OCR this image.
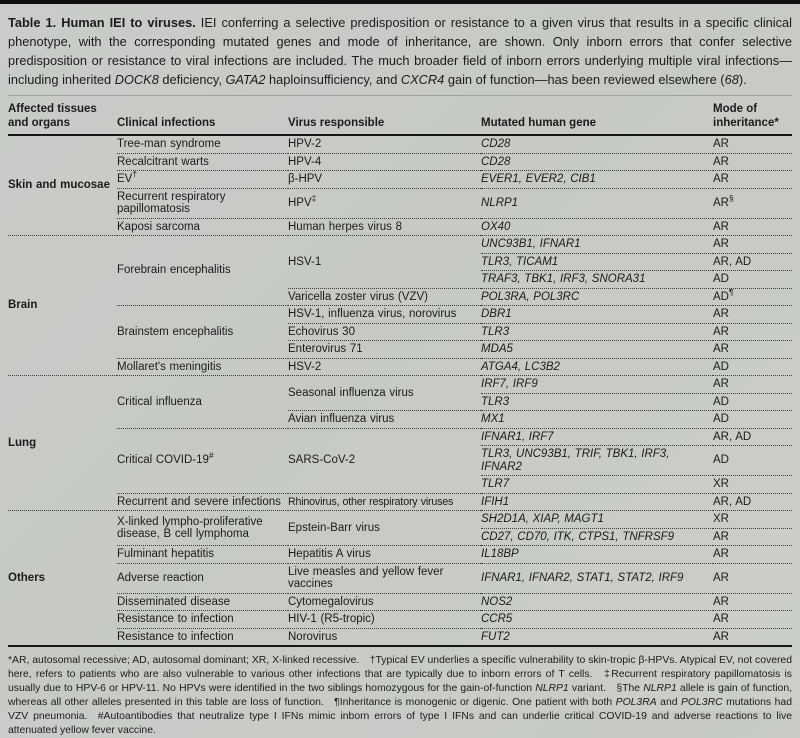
Table 1. Human IEI to viruses. IEI conferring a selective predisposition or resistance to a given virus that results in a specific clinical phenotype, with the corresponding mutated genes and mode of inheritance, are shown. Only inborn errors that confer selective predisposition or resistance to viral infections are included. The much broader field of inborn errors underlying multiple viral infections—including inherited DOCK8 deficiency, GATA2 haploinsufficiency, and CXCR4 gain of function—has been reviewed elsewhere (68).

Affected tissues and organs	Clinical infections	Virus responsible	Mutated human gene	Mode of inheritance*
Skin and mucosae	Tree-man syndrome	HPV-2	CD28	AR
	Recalcitrant warts	HPV-4	CD28	AR
	EV†	β-HPV	EVER1, EVER2, CIB1	AR
	Recurrent respiratory papillomatosis	HPV‡	NLRP1	AR§
	Kaposi sarcoma	Human herpes virus 8	OX40	AR
Brain	Forebrain encephalitis	HSV-1	UNC93B1, IFNAR1	AR
			TLR3, TICAM1	AR, AD
			TRAF3, TBK1, IRF3, SNORA31	AD
		Varicella zoster virus (VZV)	POL3RA, POL3RC	AD¶
	Brainstem encephalitis	HSV-1, influenza virus, norovirus	DBR1	AR
		Echovirus 30	TLR3	AR
		Enterovirus 71	MDA5	AR
	Mollaret's meningitis	HSV-2	ATGA4, LC3B2	AD
Lung	Critical influenza	Seasonal influenza virus	IRF7, IRF9	AR
			TLR3	AD
		Avian influenza virus	MX1	AD
	Critical COVID-19#	SARS-CoV-2	IFNAR1, IRF7	AR, AD
			TLR3, UNC93B1, TRIF, TBK1, IRF3, IFNAR2	AD
			TLR7	XR
	Recurrent and severe infections	Rhinovirus, other respiratory viruses	IFIH1	AR, AD
Others	X-linked lympho-proliferative disease, B cell lymphoma	Epstein-Barr virus	SH2D1A, XIAP, MAGT1	XR
			CD27, CD70, ITK, CTPS1, TNFRSF9	AR
	Fulminant hepatitis	Hepatitis A virus	IL18BP	AR
	Adverse reaction	Live measles and yellow fever vaccines	IFNAR1, IFNAR2, STAT1, STAT2, IRF9	AR
	Disseminated disease	Cytomegalovirus	NOS2	AR
	Resistance to infection	HIV-1 (R5-tropic)	CCR5	AR
	Resistance to infection	Norovirus	FUT2	AR

*AR, autosomal recessive; AD, autosomal dominant; XR, X-linked recessive. †Typical EV underlies a specific vulnerability to skin-tropic β-HPVs. Atypical EV, not covered here, refers to patients who are also vulnerable to various other infections that are typically due to inborn errors of T cells. ‡Recurrent respiratory papillomatosis is usually due to HPV-6 or HPV-11. No HPVs were identified in the two siblings homozygous for the gain-of-function NLRP1 variant. §The NLRP1 allele is gain of function, whereas all other alleles presented in this table are loss of function. ¶Inheritance is monogenic or digenic. One patient with both POL3RA and POL3RC mutations had VZV pneumonia. #Autoantibodies that neutralize type I IFNs mimic inborn errors of type I IFNs and can underlie critical COVID-19 and adverse reactions to live attenuated yellow fever vaccine.
